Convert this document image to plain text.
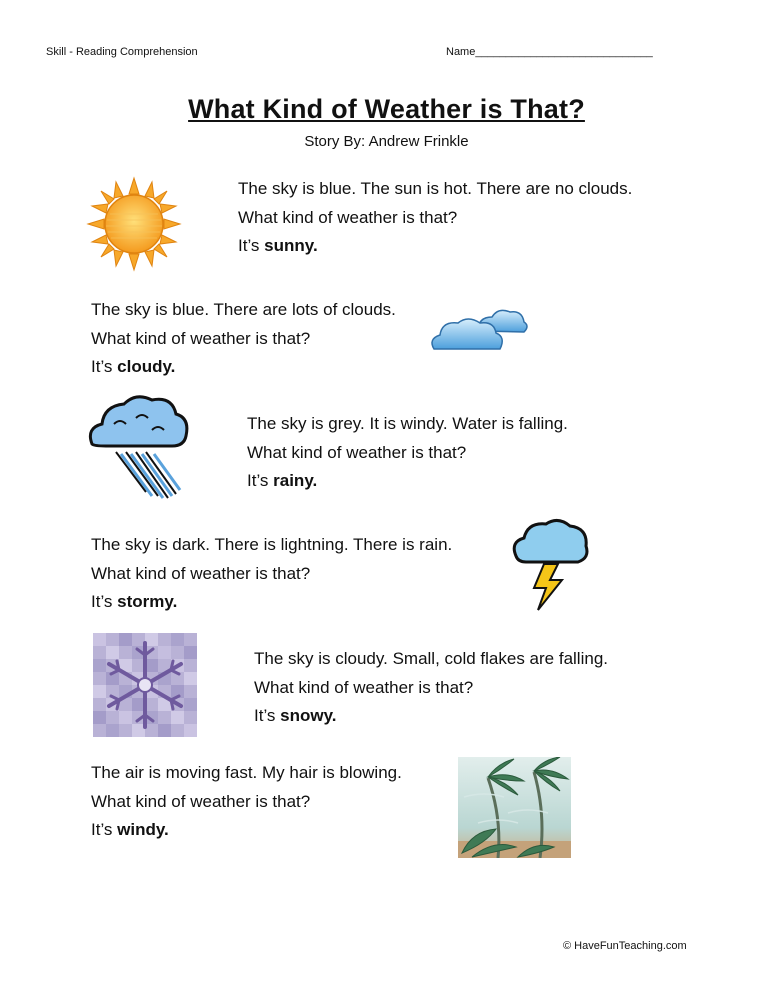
Skill - Reading Comprehension	Name_____________________________
What Kind of Weather is That?
Story By: Andrew Frinkle
The sky is blue. The sun is hot. There are no clouds.
What kind of weather is that?
It’s sunny.
The sky is blue. There are lots of clouds.
What kind of weather is that?
It’s cloudy.
The sky is grey. It is windy. Water is falling.
What kind of weather is that?
It’s rainy.
The sky is dark. There is lightning. There is rain.
What kind of weather is that?
It’s stormy.
The sky is cloudy. Small, cold flakes are falling.
What kind of weather is that?
It’s snowy.
The air is moving fast. My hair is blowing.
What kind of weather is that?
It’s windy.
© HaveFunTeaching.com
